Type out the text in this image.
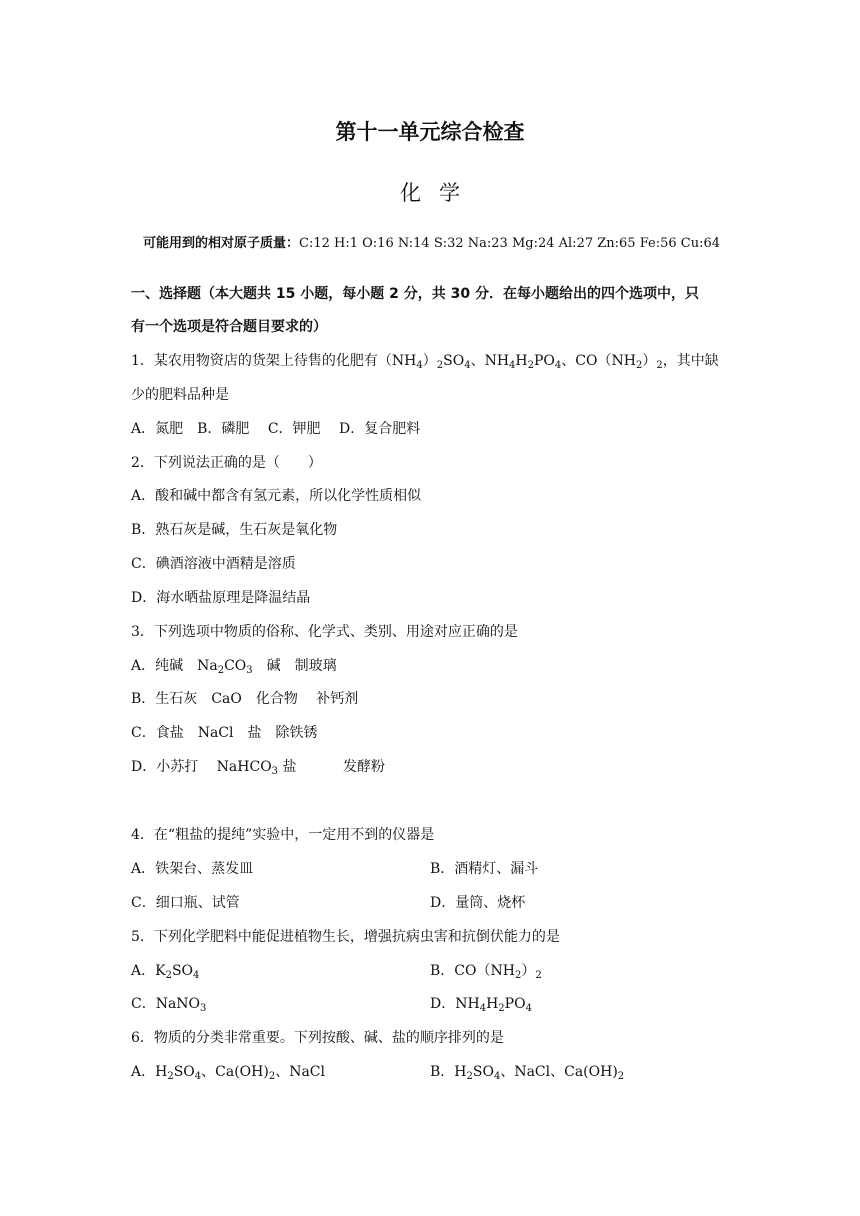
第十一单元综合检查
化学
可能用到的相对原子质量：C:12 H:1 O:16 N:14 S:32 Na:23 Mg:24 Al:27 Zn:65 Fe:56 Cu:64
一、选择题（本大题共 15 小题，每小题 2 分，共 30 分．在每小题给出的四个选项中，只
有一个选项是符合题目要求的）
1．某农用物资店的货架上待售的化肥有$(NH_4)_2SO_4$、$NH_4H_2PO_4$、$CO(NH_2)_2$，其中缺
少的肥料品种是
A．氮肥　B．磷肥　 C．钾肥　 D．复合肥料
2．下列说法正确的是（　　）
A．酸和碱中都含有氢元素，所以化学性质相似
B．熟石灰是碱，生石灰是氧化物
C．碘酒溶液中酒精是溶质
D．海水晒盐原理是降温结晶
3．下列选项中物质的俗称、化学式、类别、用途对应正确的是
A．纯碱　$Na_2CO_3$　碱　制玻璃
B．生石灰　CaO　化合物　 补钙剂
C．食盐　NaCl　盐　除铁锈
D．小苏打　 NaHCO$_3$ 盐　　　 发酵粉
4．在“粗盐的提纯”实验中，一定用不到的仪器是
A．铁架台、蒸发皿	B．酒精灯、漏斗
C．细口瓶、试管	D．量筒、烧杯
5．下列化学肥料中能促进植物生长，增强抗病虫害和抗倒伏能力的是
A．$K_2SO_4$	B．$CO(NH_2)_2$
C．NaNO$_3$	D．$NH_4H_2PO_4$
6．物质的分类非常重要。下列按酸、碱、盐的顺序排列的是
A．$H_2SO_4$、$Ca(OH)_2$、NaCl	B．$H_2SO_4$、NaCl、$Ca(OH)_2$
